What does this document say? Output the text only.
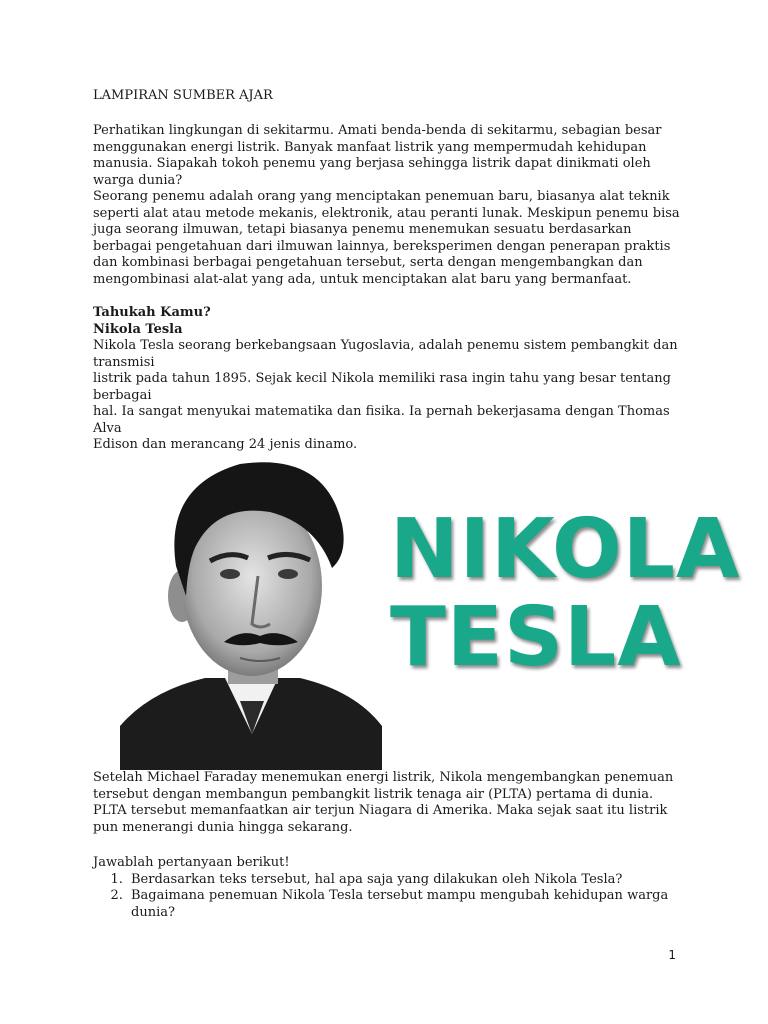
LAMPIRAN SUMBER AJAR

Perhatikan lingkungan di sekitarmu. Amati benda-benda di sekitarmu, sebagian besar menggunakan energi listrik. Banyak manfaat listrik yang mempermudah kehidupan manusia. Siapakah tokoh penemu yang berjasa sehingga listrik dapat dinikmati oleh warga dunia?

Seorang penemu adalah orang yang menciptakan penemuan baru, biasanya alat teknik seperti alat atau metode mekanis, elektronik, atau peranti lunak. Meskipun penemu bisa juga seorang ilmuwan, tetapi biasanya penemu menemukan sesuatu berdasarkan berbagai pengetahuan dari ilmuwan lainnya, bereksperimen dengan penerapan praktis dan kombinasi berbagai pengetahuan tersebut, serta dengan mengembangkan dan mengombinasi alat-alat yang ada, untuk menciptakan alat baru yang bermanfaat.

Tahukah Kamu?

Nikola Tesla

Nikola Tesla seorang berkebangsaan Yugoslavia, adalah penemu sistem pembangkit dan

transmisi

listrik pada tahun 1895. Sejak kecil Nikola memiliki rasa ingin tahu yang besar tentang

berbagai

hal. Ia sangat menyukai matematika dan fisika. Ia pernah bekerjasama dengan Thomas Alva

Edison dan merancang 24 jenis dinamo.

NIKOLA
TESLA

Setelah Michael Faraday menemukan energi listrik, Nikola mengembangkan penemuan tersebut dengan membangun pembangkit listrik tenaga air (PLTA) pertama di dunia. PLTA tersebut memanfaatkan air terjun Niagara di Amerika. Maka sejak saat itu listrik pun menerangi dunia hingga sekarang.

Jawablah pertanyaan berikut!

1. Berdasarkan teks tersebut, hal apa saja yang dilakukan oleh Nikola Tesla?
2. Bagaimana penemuan Nikola Tesla tersebut mampu mengubah kehidupan warga dunia?
1
